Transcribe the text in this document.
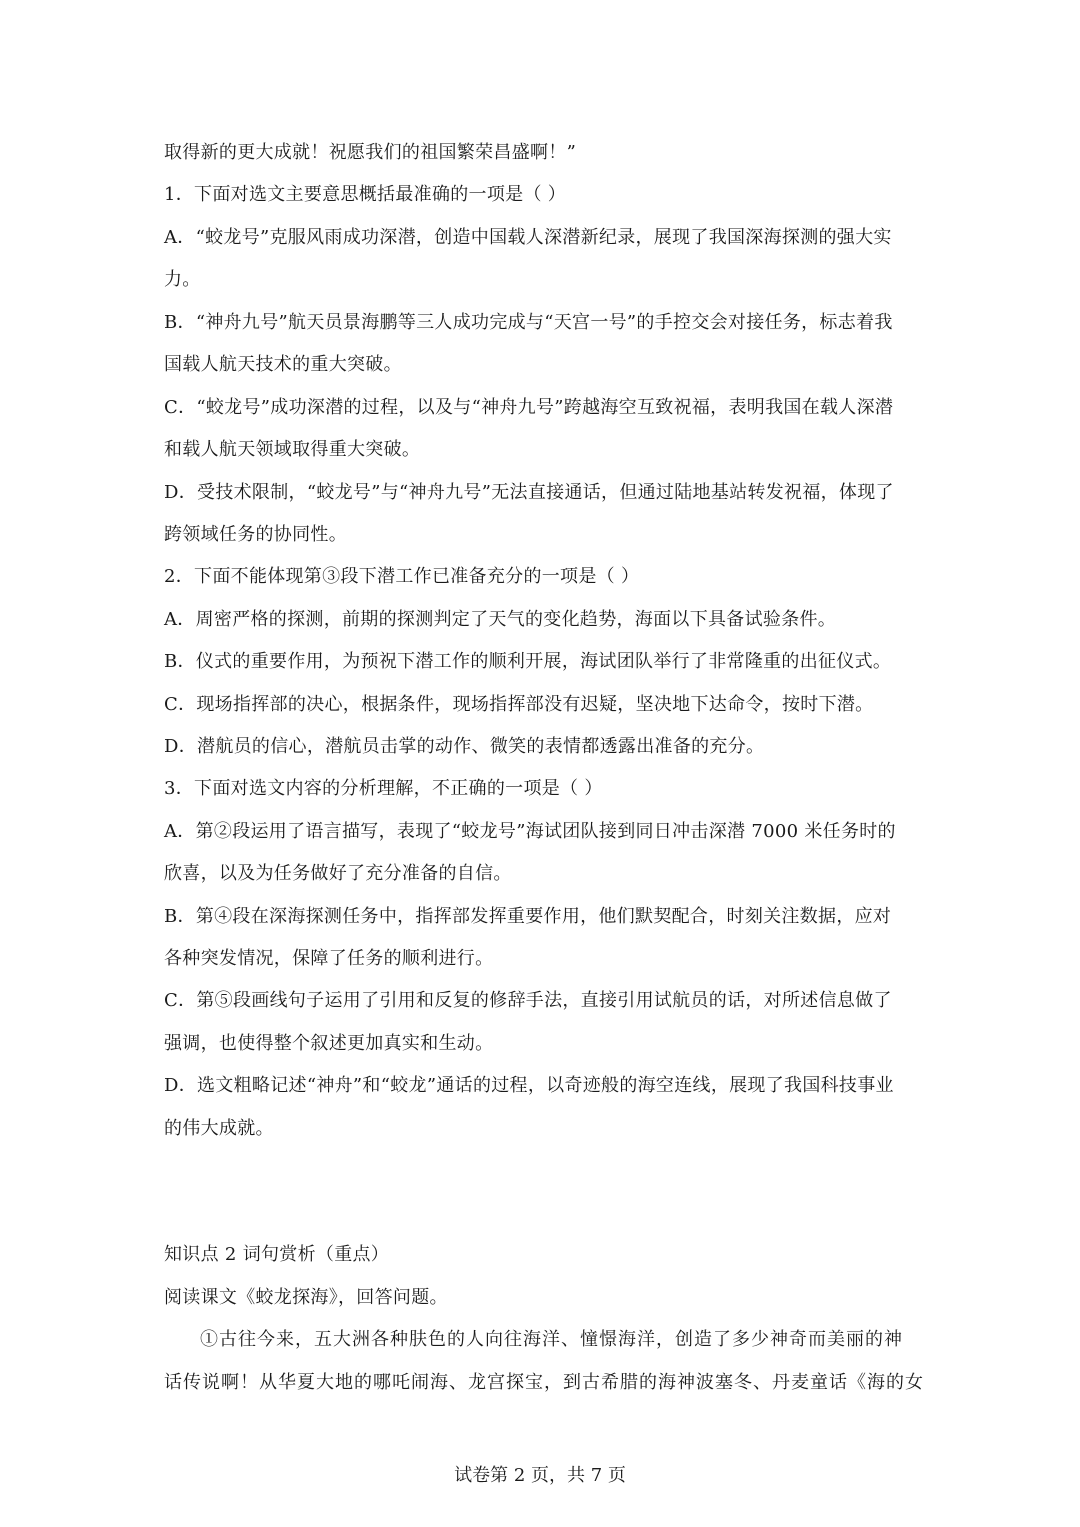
取得新的更大成就！祝愿我们的祖国繁荣昌盛啊！”
1．下面对选文主要意思概括最准确的一项是（ ）
A．“蛟龙号”克服风雨成功深潜，创造中国载人深潜新纪录，展现了我国深海探测的强大实
力。
B．“神舟九号”航天员景海鹏等三人成功完成与“天宫一号”的手控交会对接任务，标志着我
国载人航天技术的重大突破。
C．“蛟龙号”成功深潜的过程，以及与“神舟九号”跨越海空互致祝福，表明我国在载人深潜
和载人航天领域取得重大突破。
D．受技术限制，“蛟龙号”与“神舟九号”无法直接通话，但通过陆地基站转发祝福，体现了
跨领域任务的协同性。
2．下面不能体现第③段下潜工作已准备充分的一项是（ ）
A．周密严格的探测，前期的探测判定了天气的变化趋势，海面以下具备试验条件。
B．仪式的重要作用，为预祝下潜工作的顺利开展，海试团队举行了非常隆重的出征仪式。
C．现场指挥部的决心，根据条件，现场指挥部没有迟疑，坚决地下达命令，按时下潜。
D．潜航员的信心，潜航员击掌的动作、微笑的表情都透露出准备的充分。
3．下面对选文内容的分析理解，不正确的一项是（ ）
A．第②段运用了语言描写，表现了“蛟龙号”海试团队接到同日冲击深潜 7000 米任务时的
欣喜，以及为任务做好了充分准备的自信。
B．第④段在深海探测任务中，指挥部发挥重要作用，他们默契配合，时刻关注数据，应对
各种突发情况，保障了任务的顺利进行。
C．第⑤段画线句子运用了引用和反复的修辞手法，直接引用试航员的话，对所述信息做了
强调，也使得整个叙述更加真实和生动。
D．选文粗略记述“神舟”和“蛟龙”通话的过程，以奇迹般的海空连线，展现了我国科技事业
的伟大成就。
知识点 2 词句赏析（重点）
阅读课文《蛟龙探海》，回答问题。
①古往今来，五大洲各种肤色的人向往海洋、憧憬海洋，创造了多少神奇而美丽的神
话传说啊！从华夏大地的哪吒闹海、龙宫探宝，到古希腊的海神波塞冬、丹麦童话《海的女
试卷第 2 页，共 7 页
